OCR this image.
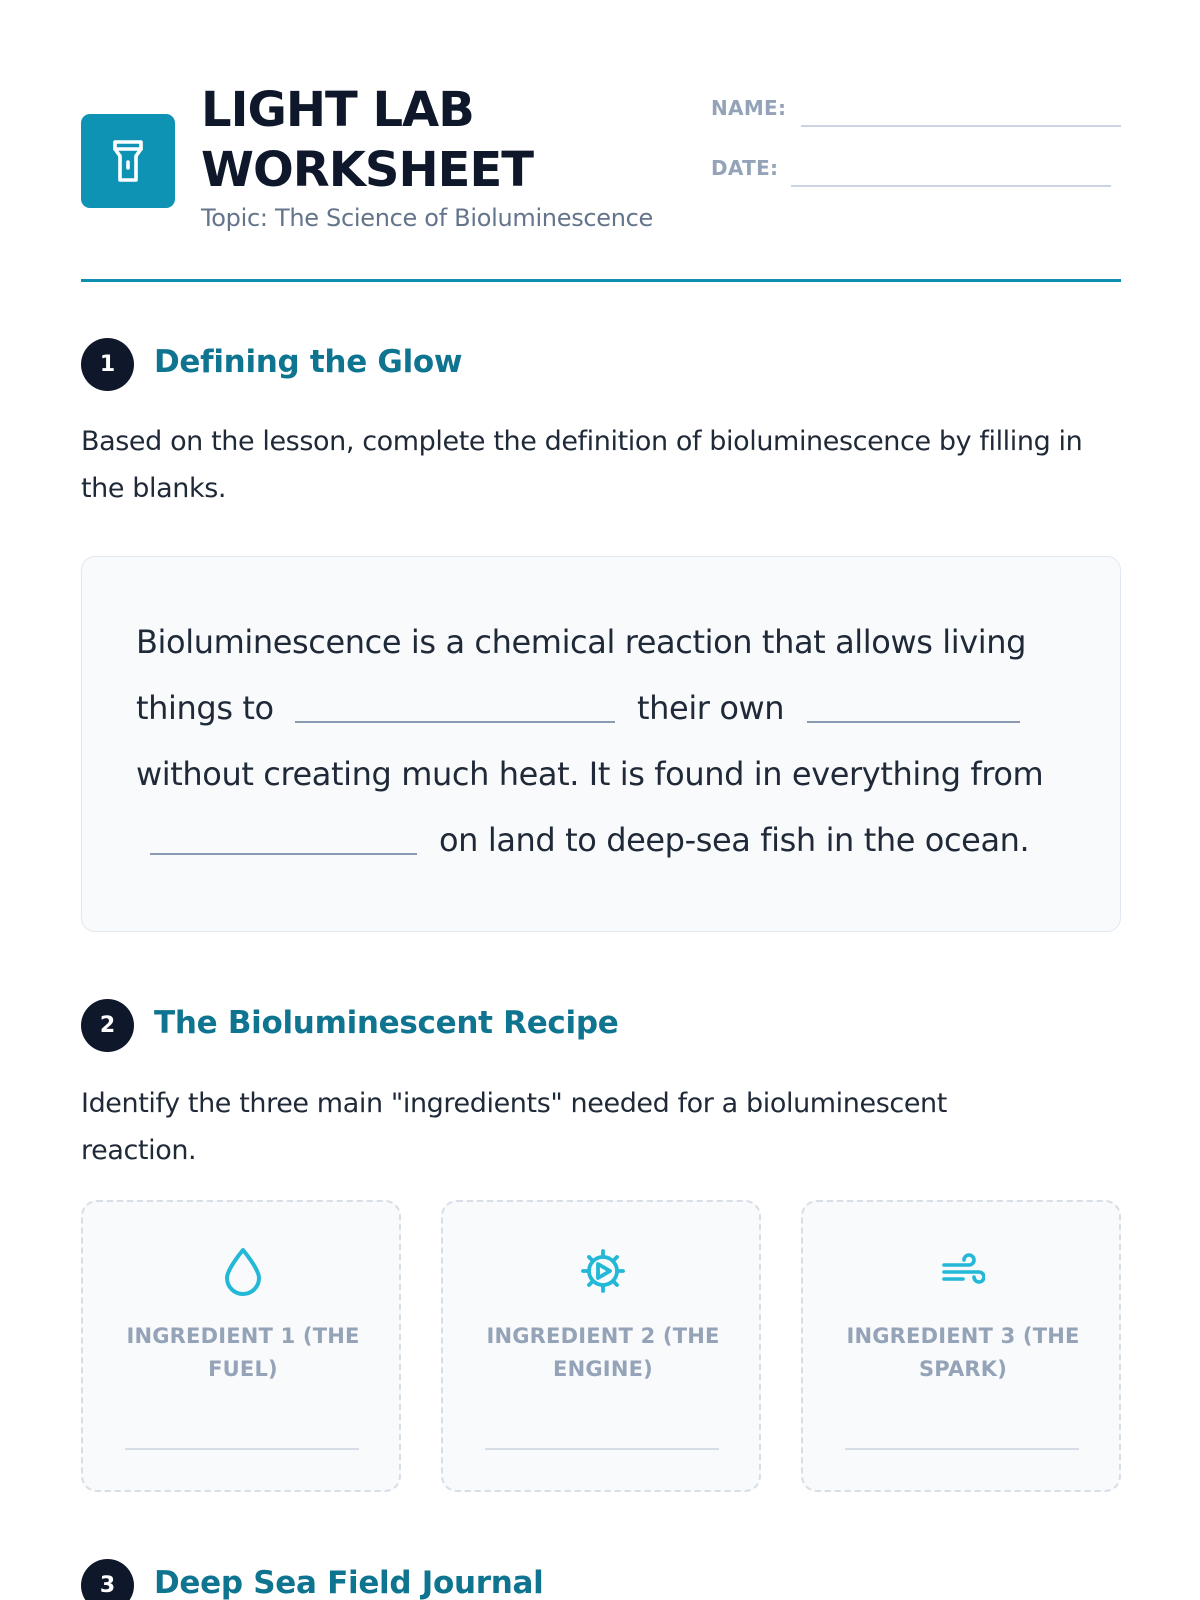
LIGHT LAB WORKSHEET
Topic: The Science of Bioluminescence
NAME:
DATE:
1	Defining the Glow
Based on the lesson, complete the definition of bioluminescence by filling in the blanks.
Bioluminescence is a chemical reaction that allows living
things to	their own
without creating much heat. It is found in everything from
on land to deep-sea fish in the ocean.
2	The Bioluminescent Recipe
Identify the three main "ingredients" needed for a bioluminescent reaction.
INGREDIENT 1 (THE FUEL)
INGREDIENT 2 (THE ENGINE)
INGREDIENT 3 (THE SPARK)
3	Deep Sea Field Journal
